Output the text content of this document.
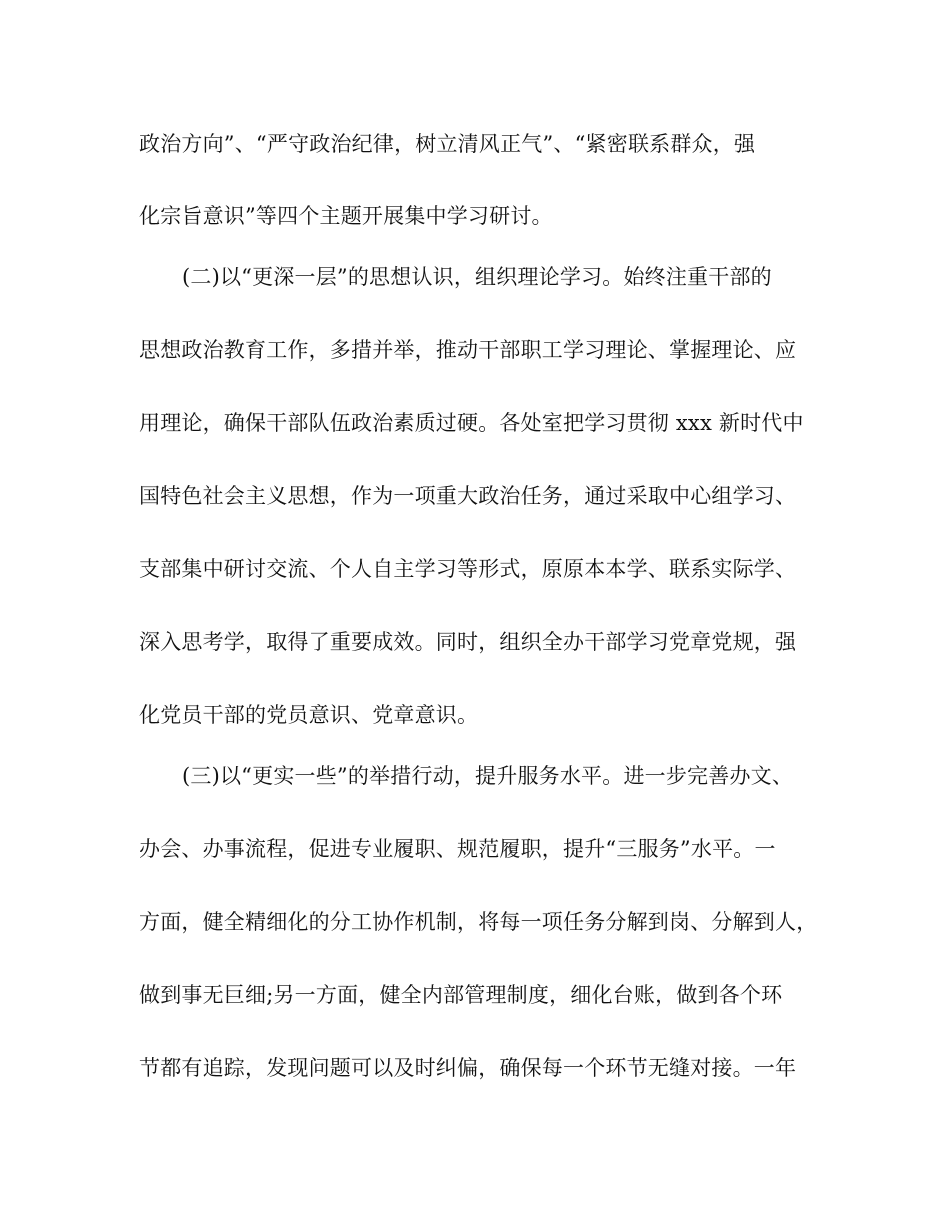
政治方向”、“严守政治纪律，树立清风正气”、“紧密联系群众，强
化宗旨意识”等四个主题开展集中学习研讨。
(二)以“更深一层”的思想认识，组织理论学习。始终注重干部的
思想政治教育工作，多措并举，推动干部职工学习理论、掌握理论、应
用理论，确保干部队伍政治素质过硬。各处室把学习贯彻 xxx 新时代中
国特色社会主义思想，作为一项重大政治任务，通过采取中心组学习、
支部集中研讨交流、个人自主学习等形式，原原本本学、联系实际学、
深入思考学，取得了重要成效。同时，组织全办干部学习党章党规，强
化党员干部的党员意识、党章意识。
(三)以“更实一些”的举措行动，提升服务水平。进一步完善办文、
办会、办事流程，促进专业履职、规范履职，提升“三服务”水平。一
方面，健全精细化的分工协作机制，将每一项任务分解到岗、分解到人，
做到事无巨细;另一方面，健全内部管理制度，细化台账，做到各个环
节都有追踪，发现问题可以及时纠偏，确保每一个环节无缝对接。一年
